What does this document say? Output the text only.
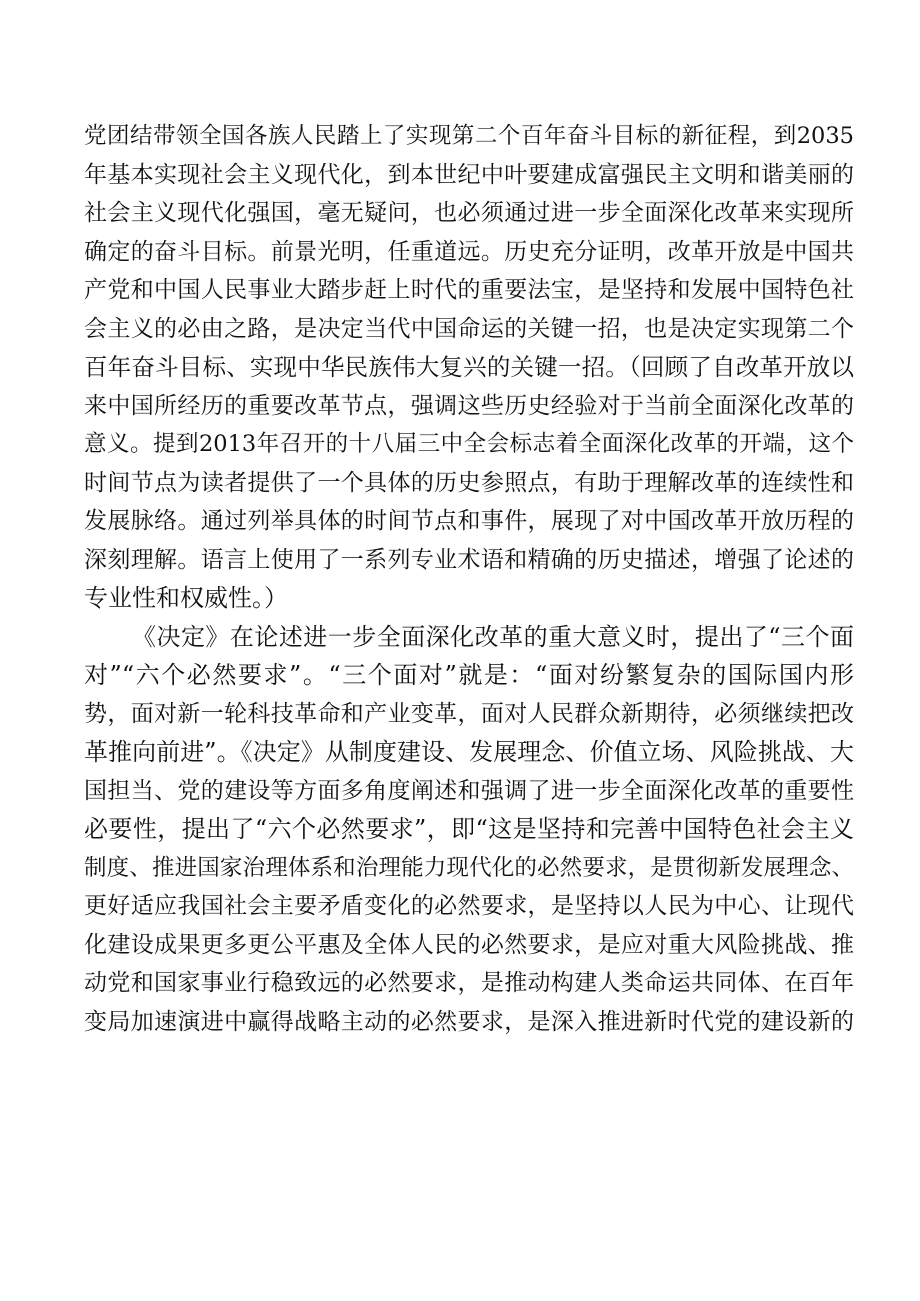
党团结带领全国各族人民踏上了实现第二个百年奋斗目标的新征程，到2035
年基本实现社会主义现代化，到本世纪中叶要建成富强民主文明和谐美丽的
社会主义现代化强国，毫无疑问，也必须通过进一步全面深化改革来实现所
确定的奋斗目标。前景光明，任重道远。历史充分证明，改革开放是中国共
产党和中国人民事业大踏步赶上时代的重要法宝，是坚持和发展中国特色社
会主义的必由之路，是决定当代中国命运的关键一招，也是决定实现第二个
百年奋斗目标、实现中华民族伟大复兴的关键一招。（回顾了自改革开放以
来中国所经历的重要改革节点，强调这些历史经验对于当前全面深化改革的
意义。提到2013年召开的十八届三中全会标志着全面深化改革的开端，这个
时间节点为读者提供了一个具体的历史参照点，有助于理解改革的连续性和
发展脉络。通过列举具体的时间节点和事件，展现了对中国改革开放历程的
深刻理解。语言上使用了一系列专业术语和精确的历史描述，增强了论述的
专业性和权威性。）
《决定》在论述进一步全面深化改革的重大意义时，提出了“三个面
对”“六个必然要求”。“三个面对”就是：“面对纷繁复杂的国际国内形
势，面对新一轮科技革命和产业变革，面对人民群众新期待，必须继续把改
革推向前进”。《决定》从制度建设、发展理念、价值立场、风险挑战、大
国担当、党的建设等方面多角度阐述和强调了进一步全面深化改革的重要性
必要性，提出了“六个必然要求”，即“这是坚持和完善中国特色社会主义
制度、推进国家治理体系和治理能力现代化的必然要求，是贯彻新发展理念、
更好适应我国社会主要矛盾变化的必然要求，是坚持以人民为中心、让现代
化建设成果更多更公平惠及全体人民的必然要求，是应对重大风险挑战、推
动党和国家事业行稳致远的必然要求，是推动构建人类命运共同体、在百年
变局加速演进中赢得战略主动的必然要求，是深入推进新时代党的建设新的
